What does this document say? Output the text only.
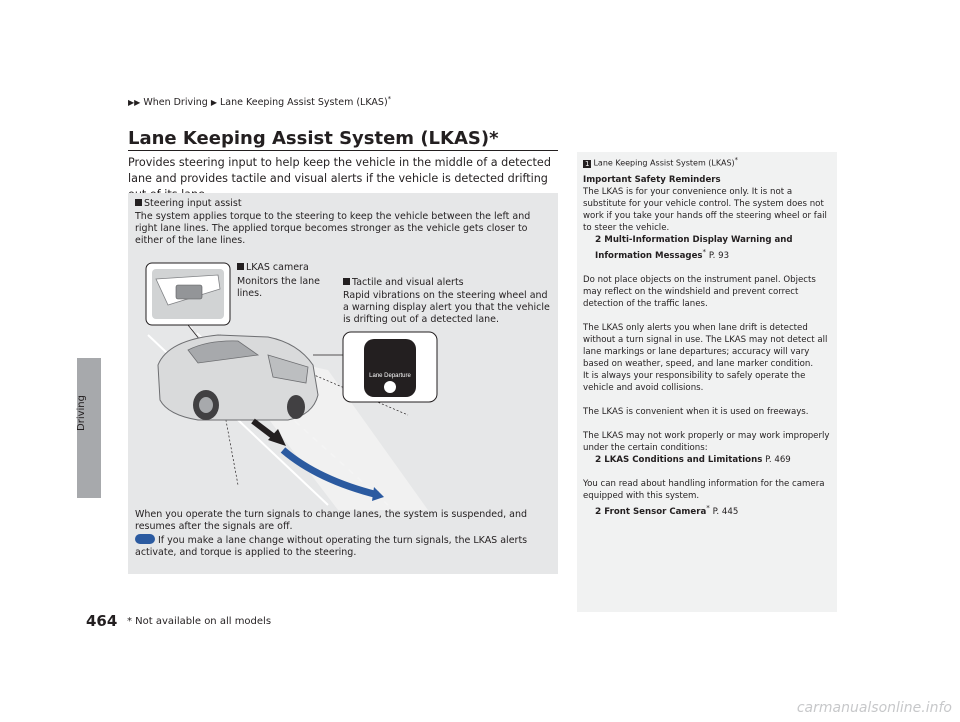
Driving
▶▶ When Driving ▶ Lane Keeping Assist System (LKAS)*
Lane Keeping Assist System (LKAS)*
Provides steering input to help keep the vehicle in the middle of a detected lane and provides tactile and visual alerts if the vehicle is detected drifting
Steering input assist
The system applies torque to the steering to keep the vehicle between the left and right lane lines. The applied torque becomes stronger as the vehicle gets closer to either of the lane lines.
Lane Departure
LKAS camera
Monitors the lane lines.
Tactile and visual alerts
Rapid vibrations on the steering wheel and a warning display alert you that the vehicle is drifting out of a detected lane.
When you operate the turn signals to change lanes, the system is suspended, and resumes after the signals are off.
If you make a lane change without operating the turn signals, the LKAS alerts activate, and torque is applied to the steering.
1 Lane Keeping Assist System (LKAS)*

Important Safety Reminders
The LKAS is for your convenience only. It is not a substitute for your vehicle control. The system does not work if you take your hands off the steering wheel or fail to steer the vehicle.
2 Multi-Information Display Warning and Information Messages* P. 93

Do not place objects on the instrument panel. Objects may reflect on the windshield and prevent correct detection of the traffic lanes.

The LKAS only alerts you when lane drift is detected without a turn signal in use. The LKAS may not detect all lane markings or lane departures; accuracy will vary based on weather, speed, and lane marker condition.

It is always your responsibility to safely operate the vehicle and avoid collisions.

The LKAS is convenient when it is used on freeways.

The LKAS may not work properly or may work improperly under the certain conditions:
2 LKAS Conditions and Limitations P. 469

You can read about handling information for the camera equipped with this system.
2 Front Sensor Camera* P. 445

464 * Not available on all models
carmanualsonline.info
